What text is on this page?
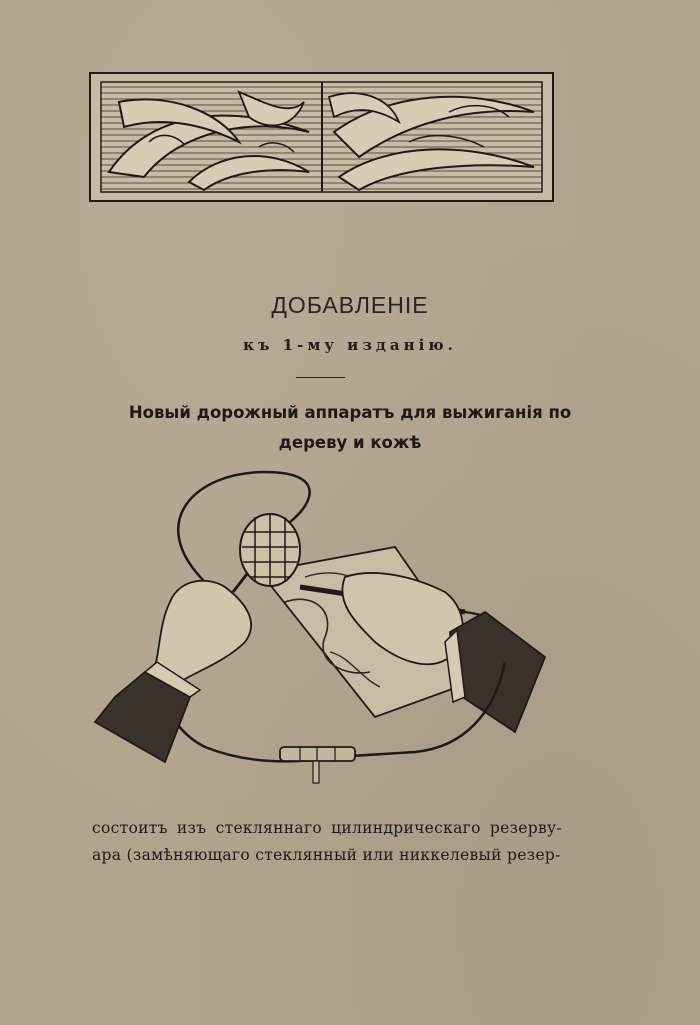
ДОБАВЛЕНІЕ
къ 1-му изданію.
Новый дорожный аппаратъ для выжиганія по
дереву и кожѣ
состоитъ изъ стекляннаго цилиндрическаго резерву-
ара (замѣняющаго стеклянный или никкелевый резер-
